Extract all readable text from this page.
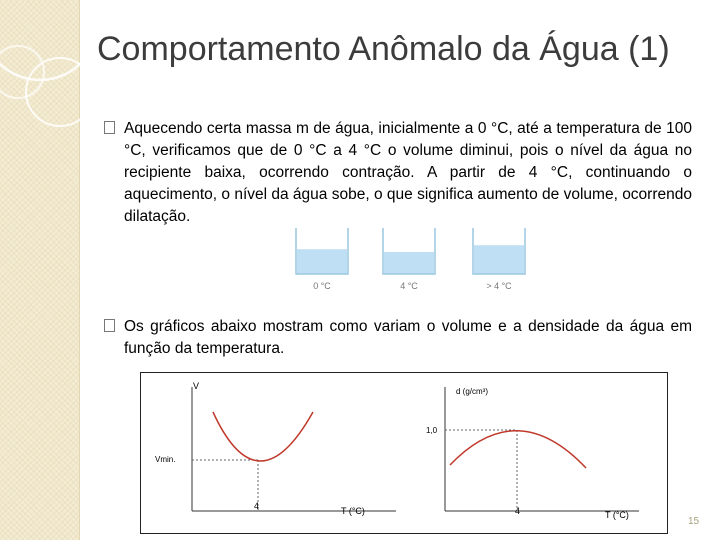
Comportamento Anômalo da Água (1)
Aquecendo certa massa m de água, inicialmente a 0 °C, até a temperatura de 100 °C, verificamos que de 0 °C a 4 °C o volume diminui, pois o nível da água no recipiente baixa, ocorrendo contração. A partir de 4 °C, continuando o aquecimento, o nível da água sobe, o que significa aumento de volume, ocorrendo dilatação.
0 °C	4 °C	> 4 °C
Os gráficos abaixo mostram como variam o volume e a densidade da água em função da temperatura.
V
Vmin.
4	T (°C)
d (g/cm³)
1,0
4	T (°C)
15
